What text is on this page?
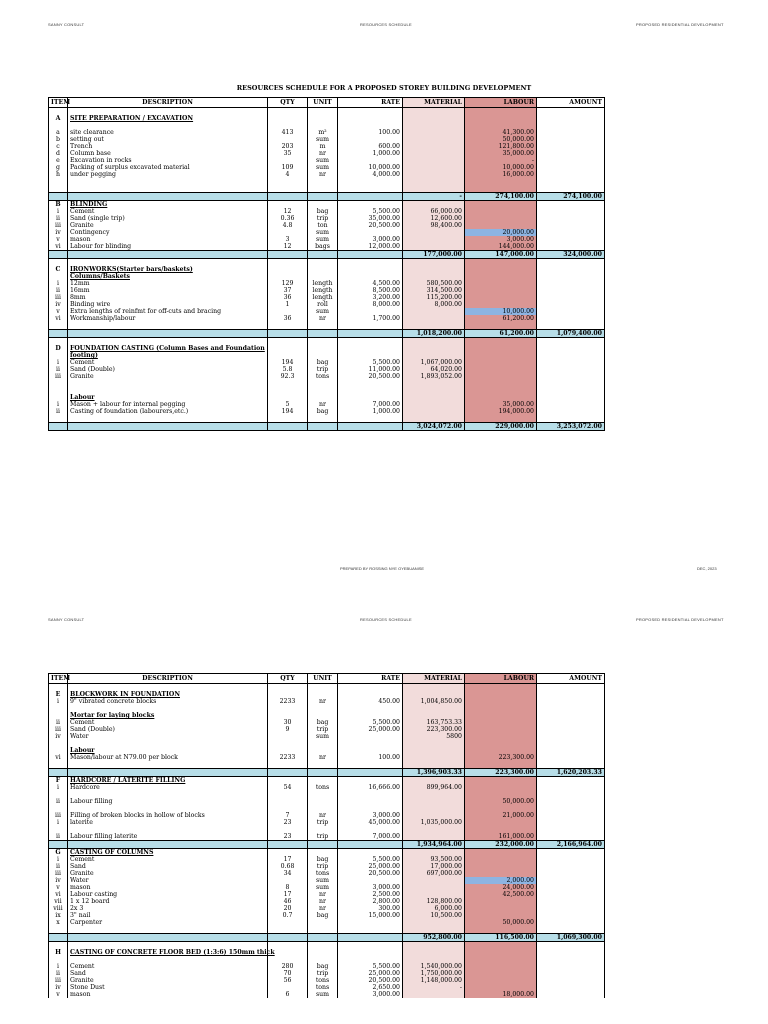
SANNY CONSULT	RESOURCES SCHEDULE	PROPOSED RESIDENTIAL DEVELOPMENT
RESOURCES SCHEDULE FOR A PROPOSED STOREY BUILDING DEVELOPMENT
ITEM	DESCRIPTION	QTY	UNIT	RATE	MATERIAL	LABOUR	AMOUNT

A	SITE PREPARATION / EXCAVATION						

a	site clearance	413	m²	100.00		41,300.00	
b	setting out		sum			50,000.00	
c	Trench	203	m	600.00		121,800.00	
d	Column base	35	nr	1,000.00		35,000.00	
e	Excavation in rocks		sum			-	
g	Packing of surplus excavated material	109	sum	10,000.00		10,000.00	
h	under pegging	4	nr	4,000.00		16,000.00	

					-	274,100.00	274,100.00
B	BLINDING						
i	Cement	12	bag	5,500.00	66,000.00		
ii	Sand (single trip)	0.36	trip	35,000.00	12,600.00		
iii	Granite	4.8	ton	20,500.00	98,400.00		
iv	Contingency		sum			20,000.00	
v	mason	3	sum	3,000.00		3,000.00	
vi	Labour for blinding	12	bags	12,000.00		144,000.00	
					177,000.00	147,000.00	324,000.00

C	IRONWORKS(Starter bars/baskets)						
	Columns/Baskets						
i	12mm	129	length	4,500.00	580,500.00		
ii	16mm	37	length	8,500.00	314,500.00		
iii	8mm	36	length	3,200.00	115,200.00		
iv	Binding wire	1	roll	8,000.00	8,000.00		
v	Extra lengths of reinfmt for off-cuts and bracing		sum			10,000.00	
vi	Workmanship/labour	36	nr	1,700.00		61,200.00	

					1,018,200.00	61,200.00	1,079,400.00

D	FOUNDATION CASTING (Column Bases and Foundation						
	footing)						
i	Cement	194	bag	5,500.00	1,067,000.00		
ii	Sand (Double)	5.8	trip	11,000.00	64,020.00		
iii	Granite	92.3	tons	20,500.00	1,893,052.00		

	Labour						
i	Mason + labour for internal pegging	5	nr	7,000.00		35,000.00	
ii	Casting of foundation (labourers,etc.)	194	bag	1,000.00		194,000.00	

					3,024,072.00	229,000.00	3,253,072.00
PREPARED BY ROSSING NYE OYEBUANISE	DEC, 2023
SANNY CONSULT	RESOURCES SCHEDULE	PROPOSED RESIDENTIAL DEVELOPMENT
ITEM	DESCRIPTION	QTY	UNIT	RATE	MATERIAL	LABOUR	AMOUNT

E	BLOCKWORK IN FOUNDATION						
i	9" vibrated concrete blocks	2233	nr	450.00	1,004,850.00		

	Mortar for laying blocks						
ii	Cement	30	bag	5,500.00	163,753.33		
iii	Sand (Double)	9	trip	25,000.00	223,300.00		
iv	Water		sum		5800		

	Labour						
vi	Mason/labour at N79.00 per block	2233	nr	100.00		223,300.00	

					1,396,903.33	223,300.00	1,620,203.33
F	HARDCORE / LATERITE FILLING						
i	Hardcore	54	tons	16,666.00	899,964.00		

ii	Labour filling					50,000.00	

iii	Filling of broken blocks in hollow of blocks	7	nr	3,000.00		21,000.00	
i	laterite	23	trip	45,000.00	1,035,000.00		

ii	Labour filling laterite	23	trip	7,000.00		161,000.00	
					1,934,964.00	232,000.00	2,166,964.00
G	CASTING OF COLUMNS						
i	Cement	17	bag	5,500.00	93,500.00		
ii	Sand	0.68	trip	25,000.00	17,000.00		
iii	Granite	34	tons	20,500.00	697,000.00		
iv	Water		sum			2,000.00	
v	mason	8	sum	3,000.00		24,000.00	
vi	Labour casting	17	nr	2,500.00		42,500.00	
vii	1 x 12 board	46	nr	2,800.00	128,800.00		
viii	2x 3	20	nr	300.00	6,000.00		
ix	3" nail	0.7	bag	15,000.00	10,500.00		
x	Carpenter					50,000.00	

					952,800.00	116,500.00	1,069,300.00

H	CASTING OF CONCRETE FLOOR BED (1:3:6) 150mm thick						

i	Cement	280	bag	5,500.00	1,540,000.00		
ii	Sand	70	trip	25,000.00	1,750,000.00		
iii	Granite	56	tons	20,500.00	1,148,000.00		
iv	Stone Dust		tons	2,650.00	-		
v	mason	6	sum	3,000.00		18,000.00	
